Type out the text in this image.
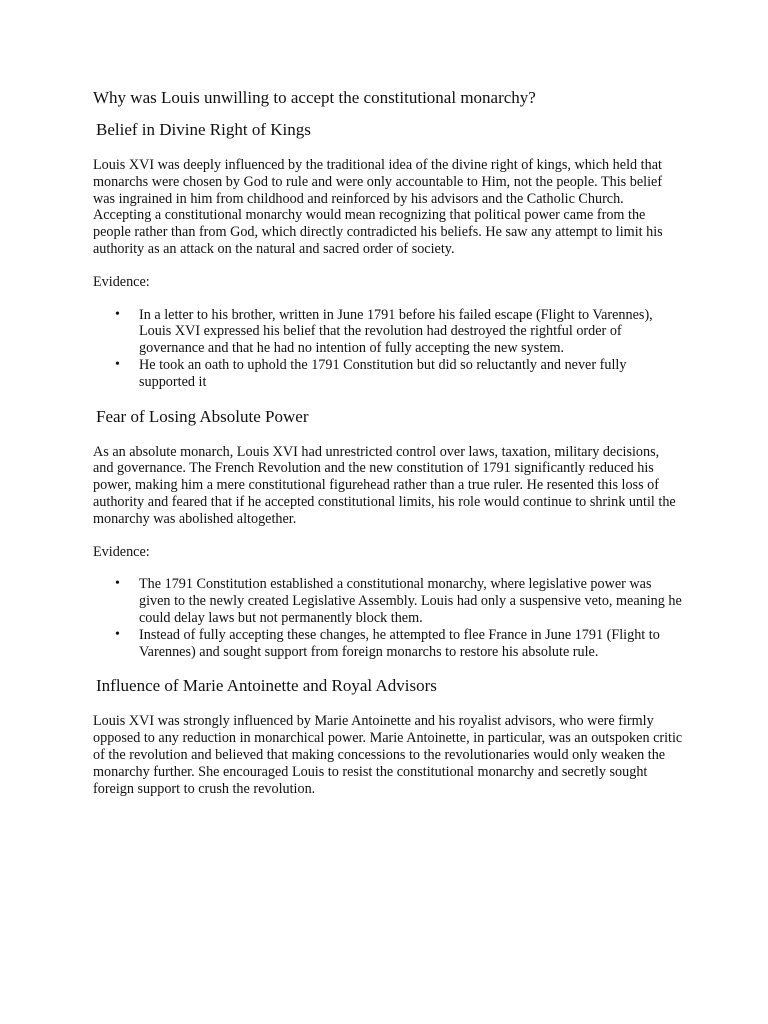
Why was Louis unwilling to accept the constitutional monarchy?
Belief in Divine Right of Kings

Louis XVI was deeply influenced by the traditional idea of the divine right of kings, which held that monarchs were chosen by God to rule and were only accountable to Him, not the people. This belief was ingrained in him from childhood and reinforced by his advisors and the Catholic Church. Accepting a constitutional monarchy would mean recognizing that political power came from the people rather than from God, which directly contradicted his beliefs. He saw any attempt to limit his authority as an attack on the natural and sacred order of society.

Evidence:

• In a letter to his brother, written in June 1791 before his failed escape (Flight to Varennes), Louis XVI expressed his belief that the revolution had destroyed the rightful order of governance and that he had no intention of fully accepting the new system.
• He took an oath to uphold the 1791 Constitution but did so reluctantly and never fully supported it
Fear of Losing Absolute Power

As an absolute monarch, Louis XVI had unrestricted control over laws, taxation, military decisions, and governance. The French Revolution and the new constitution of 1791 significantly reduced his power, making him a mere constitutional figurehead rather than a true ruler. He resented this loss of authority and feared that if he accepted constitutional limits, his role would continue to shrink until the monarchy was abolished altogether.

Evidence:

• The 1791 Constitution established a constitutional monarchy, where legislative power was given to the newly created Legislative Assembly. Louis had only a suspensive veto, meaning he could delay laws but not permanently block them.
• Instead of fully accepting these changes, he attempted to flee France in June 1791 (Flight to Varennes) and sought support from foreign monarchs to restore his absolute rule.
Influence of Marie Antoinette and Royal Advisors

Louis XVI was strongly influenced by Marie Antoinette and his royalist advisors, who were firmly opposed to any reduction in monarchical power. Marie Antoinette, in particular, was an outspoken critic of the revolution and believed that making concessions to the revolutionaries would only weaken the monarchy further. She encouraged Louis to resist the constitutional monarchy and secretly sought foreign support to crush the revolution.
